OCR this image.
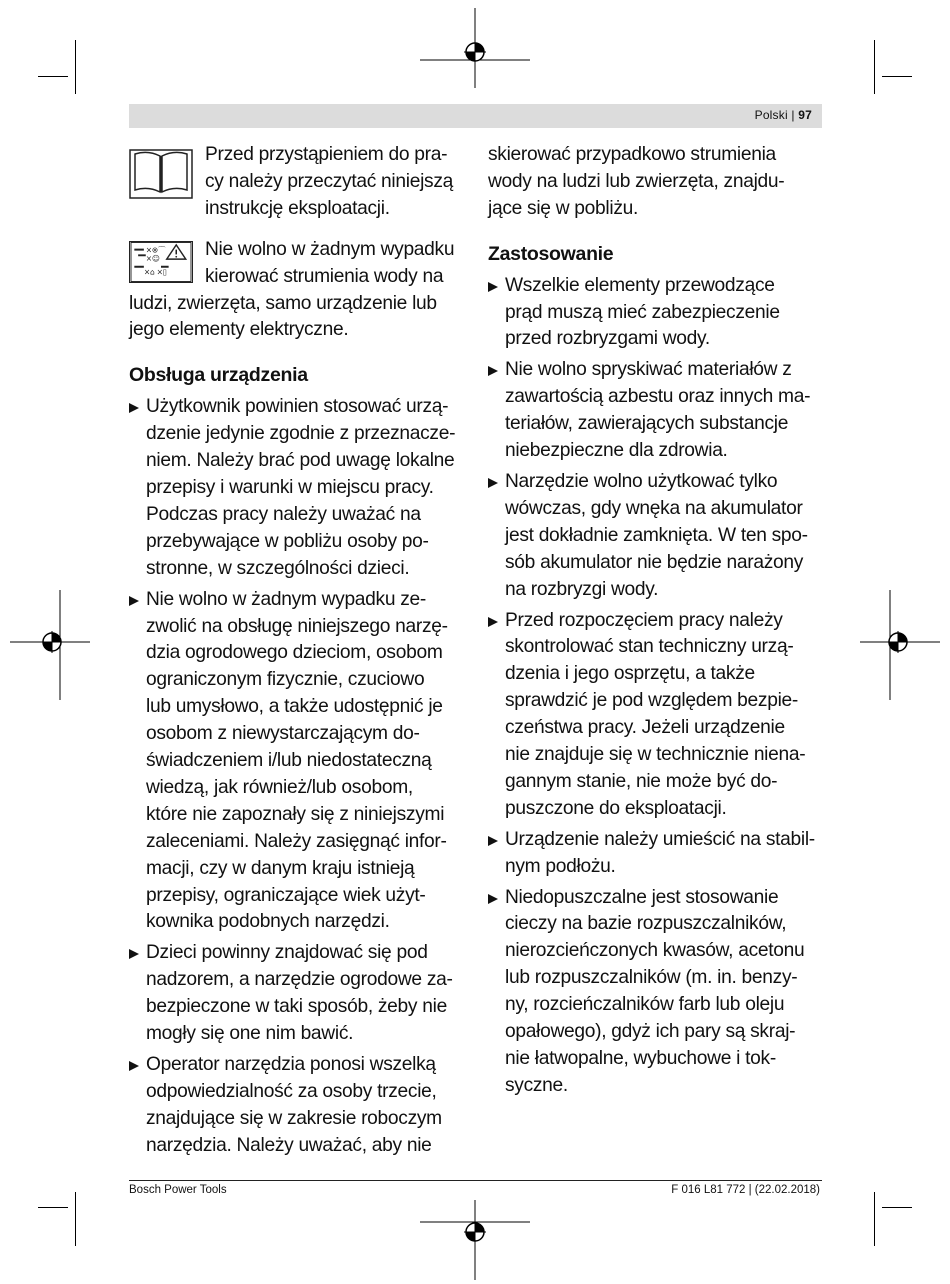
Polski | 97
Przed przystąpieniem do pra-
cy należy przeczytać niniejszą
instrukcję eksploatacji.
×⊗⌒
×☺
×⌂ ×▯
Nie wolno w żadnym wypadku
kierować strumienia wody na
ludzi, zwierzęta, samo urządzenie lub
jego elementy elektryczne.

Obsługa urządzenia

Użytkownik powinien stosować urzą-
dzenie jedynie zgodnie z przeznacze-
niem. Należy brać pod uwagę lokalne
przepisy i warunki w miejscu pracy.
Podczas pracy należy uważać na
przebywające w pobliżu osoby po-
stronne, w szczególności dzieci.
Nie wolno w żadnym wypadku ze-
zwolić na obsługę niniejszego narzę-
dzia ogrodowego dzieciom, osobom
ograniczonym fizycznie, czuciowo
lub umysłowo, a także udostępnić je
osobom z niewystarczającym do-
świadczeniem i/lub niedostateczną
wiedzą, jak również/lub osobom,
które nie zapoznały się z niniejszymi
zaleceniami. Należy zasięgnąć infor-
macji, czy w danym kraju istnieją
przepisy, ograniczające wiek użyt-
kownika podobnych narzędzi.
Dzieci powinny znajdować się pod
nadzorem, a narzędzie ogrodowe za-
bezpieczone w taki sposób, żeby nie
mogły się one nim bawić.
Operator narzędzia ponosi wszelką
odpowiedzialność za osoby trzecie,
znajdujące się w zakresie roboczym
narzędzia. Należy uważać, aby nie
skierować przypadkowo strumienia
wody na ludzi lub zwierzęta, znajdu-
jące się w pobliżu.

Zastosowanie

Wszelkie elementy przewodzące
prąd muszą mieć zabezpieczenie
przed rozbryzgami wody.
Nie wolno spryskiwać materiałów z
zawartością azbestu oraz innych ma-
teriałów, zawierających substancje
niebezpieczne dla zdrowia.
Narzędzie wolno użytkować tylko
wówczas, gdy wnęka na akumulator
jest dokładnie zamknięta. W ten spo-
sób akumulator nie będzie narażony
na rozbryzgi wody.
Przed rozpoczęciem pracy należy
skontrolować stan techniczny urzą-
dzenia i jego osprzętu, a także
sprawdzić je pod względem bezpie-
czeństwa pracy. Jeżeli urządzenie
nie znajduje się w technicznie niena-
gannym stanie, nie może być do-
puszczone do eksploatacji.
Urządzenie należy umieścić na stabil-
nym podłożu.
Niedopuszczalne jest stosowanie
cieczy na bazie rozpuszczalników,
nierozcieńczonych kwasów, acetonu
lub rozpuszczalników (m. in. benzy-
ny, rozcieńczalników farb lub oleju
opałowego), gdyż ich pary są skraj-
nie łatwopalne, wybuchowe i tok-
syczne.
Bosch Power Tools	F 016 L81 772 | (22.02.2018)
